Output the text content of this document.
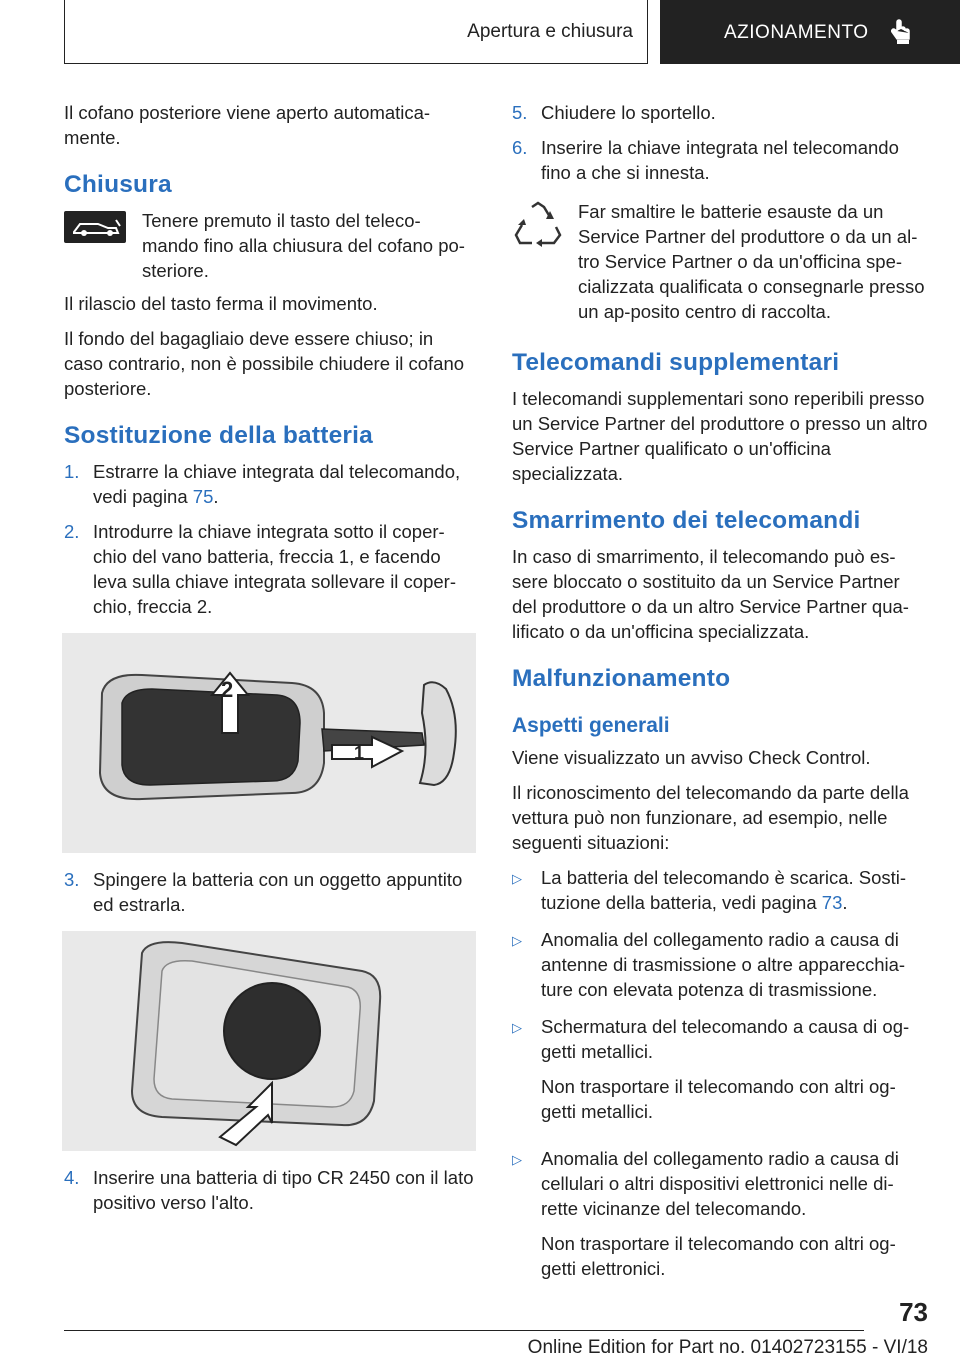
Apertura e chiusura	AZIONAMENTO

Il cofano posteriore viene aperto automatica-mente.

Chiusura
Tenere premuto il tasto del teleco-mando fino alla chiusura del cofano po-steriore.

Il rilascio del tasto ferma il movimento.

Il fondo del bagagliaio deve essere chiuso; in caso contrario, non è possibile chiudere il cofano posteriore.

Sostituzione della batteria
1. Estrarre la chiave integrata dal telecomando, vedi pagina 75.
2. Introdurre la chiave integrata sotto il coper-chio del vano batteria, freccia 1, e facendo leva sulla chiave integrata sollevare il coper-chio, freccia 2.
2
1
3. Spingere la batteria con un oggetto appuntito ed estrarla.
4. Inserire una batteria di tipo CR 2450 con il lato positivo verso l'alto.
5. Chiudere lo sportello.
6. Inserire la chiave integrata nel telecomando fino a che si innesta.
Far smaltire le batterie esauste da un Service Partner del produttore o da un al-tro Service Partner o da un'officina spe-cializzata qualificata o consegnarle presso un ap-posito centro di raccolta.
Telecomandi supplementari

I telecomandi supplementari sono reperibili presso un Service Partner del produttore o presso un altro Service Partner qualificato o un'officina specializzata.

Smarrimento dei telecomandi

In caso di smarrimento, il telecomando può es-sere bloccato o sostituito da un Service Partner del produttore o da un altro Service Partner qua-lificato o da un'officina specializzata.

Malfunzionamento
Aspetti generali

Viene visualizzato un avviso Check Control.

Il riconoscimento del telecomando da parte della vettura può non funzionare, ad esempio, nelle seguenti situazioni:

▷	La batteria del telecomando è scarica. Sosti-tuzione della batteria, vedi pagina 73.
▷	Anomalia del collegamento radio a causa di antenne di trasmissione o altre apparecchia-ture con elevata potenza di trasmissione.
▷	Schermatura del telecomando a causa di og-getti metallici.

Non trasportare il telecomando con altri og-getti metallici.

▷	Anomalia del collegamento radio a causa di cellulari o altri dispositivi elettronici nelle di-rette vicinanze del telecomando.

Non trasportare il telecomando con altri og-getti elettronici.

73
Online Edition for Part no. 01402723155 - VI/18
